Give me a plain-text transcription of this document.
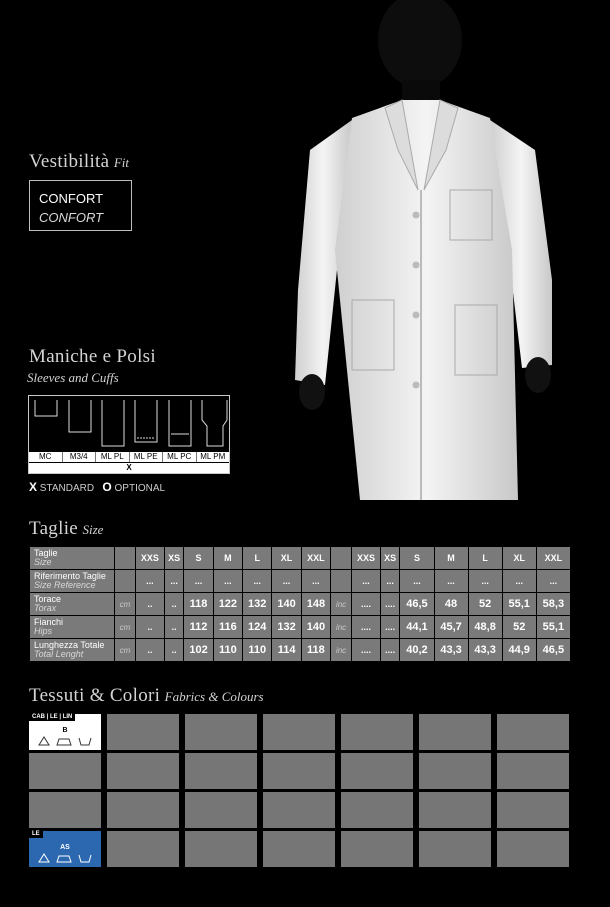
Vestibilità Fit
CONFORT
CONFORT
Maniche e Polsi
Sleeves and Cuffs
MC	M3/4	ML PL	ML PE	ML PC	ML PM
X
X STANDARD O OPTIONAL
Taglie Size
Taglie
Size		XXS	XS	S	M	L	XL	XXL		XXS	XS	S	M	L	XL	XXL

Riferimento Taglie
Size Reference		...	...	...	...	...	...	...		...	...	...	...	...	...	...

Torace
Torax	cm	..	..	118	122	132	140	148	inc	....	....	46,5	48	52	55,1	58,3

Fianchi
Hips	cm	..	..	112	116	124	132	140	inc	....	....	44,1	45,7	48,8	52	55,1

Lunghezza Totale
Total Lenght	cm	..	..	102	110	110	114	118	inc	....	....	40,2	43,3	43,3	44,9	46,5
Tessuti & Colori Fabrics & Colours
CAB | LE | LIN
B
LE
AS
